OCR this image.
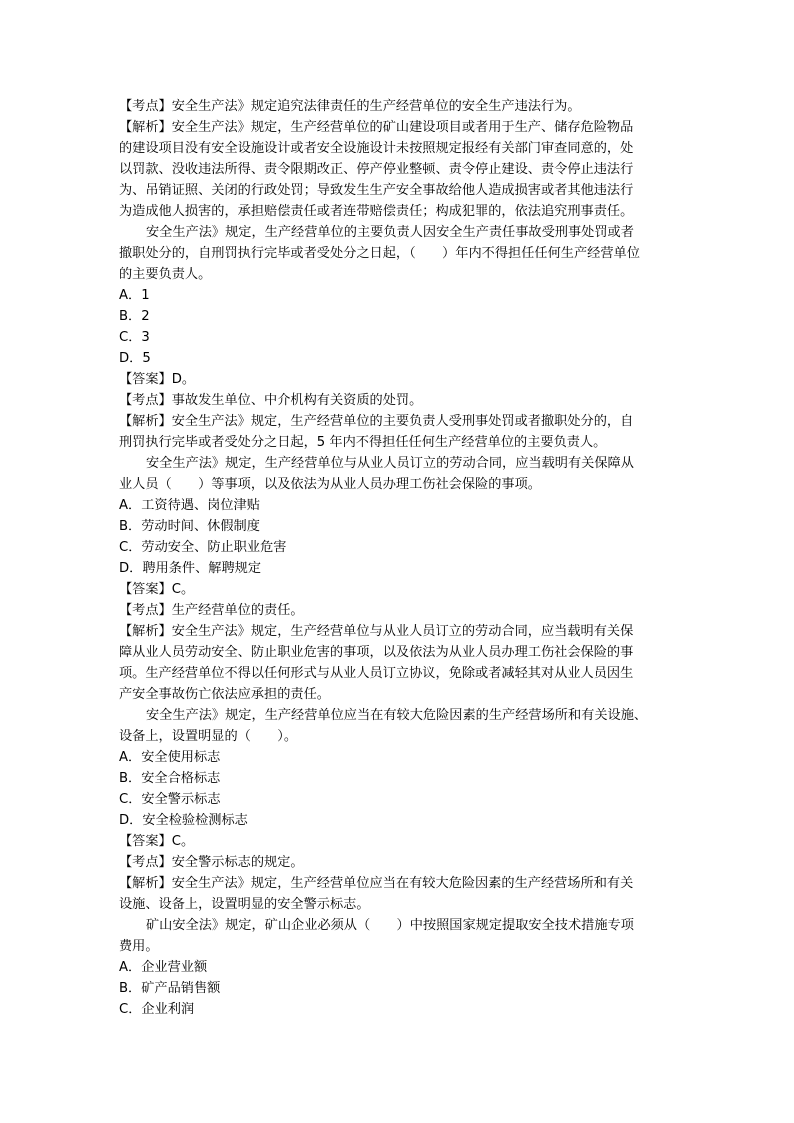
【考点】安全生产法》规定追究法律责任的生产经营单位的安全生产违法行为。
【解析】安全生产法》规定，生产经营单位的矿山建设项目或者用于生产、储存危险物品
的建设项目没有安全设施设计或者安全设施设计未按照规定报经有关部门审查同意的，处
以罚款、没收违法所得、责令限期改正、停产停业整顿、责令停止建设、责令停止违法行
为、吊销证照、关闭的行政处罚；导致发生生产安全事故给他人造成损害或者其他违法行
为造成他人损害的，承担赔偿责任或者连带赔偿责任；构成犯罪的，依法追究刑事责任。
安全生产法》规定，生产经营单位的主要负责人因安全生产责任事故受刑事处罚或者
撤职处分的，自刑罚执行完毕或者受处分之日起，（　　）年内不得担任任何生产经营单位
的主要负责人。
A．1
B．2
C．3
D．5
【答案】D。
【考点】事故发生单位、中介机构有关资质的处罚。
【解析】安全生产法》规定，生产经营单位的主要负责人受刑事处罚或者撤职处分的，自
刑罚执行完毕或者受处分之日起，5 年内不得担任任何生产经营单位的主要负责人。
安全生产法》规定，生产经营单位与从业人员订立的劳动合同，应当载明有关保障从
业人员（　　）等事项，以及依法为从业人员办理工伤社会保险的事项。
A．工资待遇、岗位津贴
B．劳动时间、休假制度
C．劳动安全、防止职业危害
D．聘用条件、解聘规定
【答案】C。
【考点】生产经营单位的责任。
【解析】安全生产法》规定，生产经营单位与从业人员订立的劳动合同，应当载明有关保
障从业人员劳动安全、防止职业危害的事项，以及依法为从业人员办理工伤社会保险的事
项。生产经营单位不得以任何形式与从业人员订立协议，免除或者减轻其对从业人员因生
产安全事故伤亡依法应承担的责任。
安全生产法》规定，生产经营单位应当在有较大危险因素的生产经营场所和有关设施、
设备上，设置明显的（　　）。
A．安全使用标志
B．安全合格标志
C．安全警示标志
D．安全检验检测标志
【答案】C。
【考点】安全警示标志的规定。
【解析】安全生产法》规定，生产经营单位应当在有较大危险因素的生产经营场所和有关
设施、设备上，设置明显的安全警示标志。
矿山安全法》规定，矿山企业必须从（　　）中按照国家规定提取安全技术措施专项
费用。
A．企业营业额
B．矿产品销售额
C．企业利润
